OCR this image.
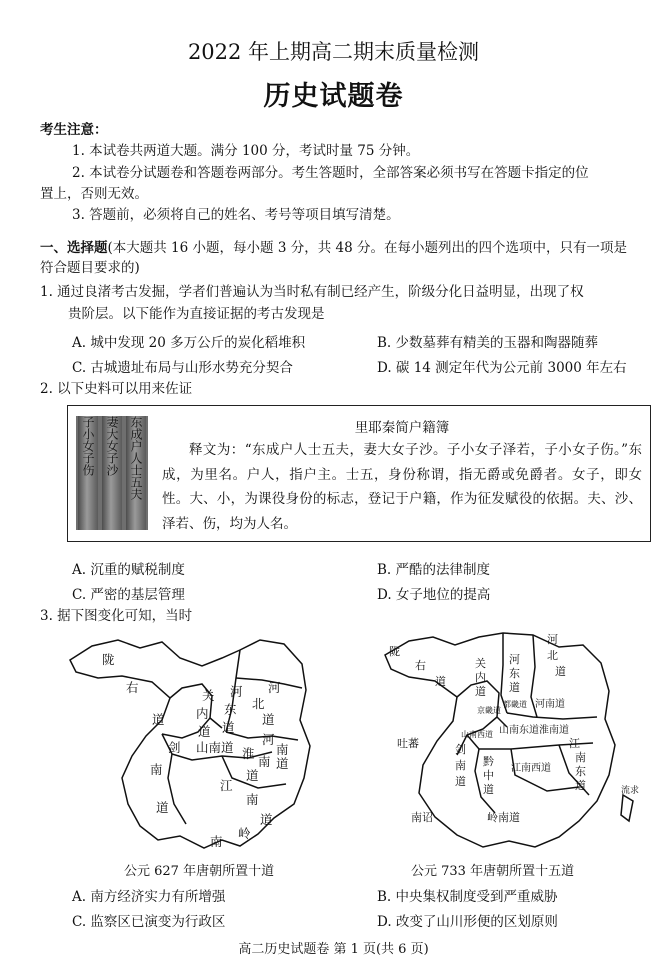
2022 年上期高二期末质量检测
历史试题卷
考生注意：
1. 本试卷共两道大题。满分 100 分，考试时量 75 分钟。
2. 本试卷分试题卷和答题卷两部分。考生答题时，全部答案必须书写在答题卡指定的位
置上，否则无效。
3. 答题前，必须将自己的姓名、考号等项目填写清楚。
一、选择题(本大题共 16 小题，每小题 3 分，共 48 分。在每小题列出的四个选项中，只有一项是
符合题目要求的)
1. 通过良渚考古发掘，学者们普遍认为当时私有制已经产生，阶级分化日益明显，出现了权
贵阶层。以下能作为直接证据的考古发现是
A. 城中发现 20 多万公斤的炭化稻堆积	B. 少数墓葬有精美的玉器和陶器随葬
C. 古城遗址布局与山形水势充分契合	D. 碳 14 测定年代为公元前 3000 年左右
2. 以下史料可以用来佐证
子小女子伤 妻大女子沙 东成户人士五夫	里耶秦简户籍簿
释文为：“东成户人士五夫，妻大女子沙。子小女子泽若，子小女子伤。”东成，为里名。户人，指户主。士五，身份称谓，指无爵或免爵者。女子，即女性。大、小，为课役身份的标志，登记于户籍，作为征发赋役的依据。夫、沙、泽若、伤，均为人名。
A. 沉重的赋税制度	B. 严酷的法律制度
C. 严密的基层管理	D. 女子地位的提高
3. 据下图变化可知，当时
陇
右
道
关
内
道
河
东
道
河
北
道
河
南
道
山南道 淮
南
道
剑
南
道
江
南
道
岭
南
公元 627 年唐朝所置十道
陇
右
道
关
内
道
河
东
道
河
北
道
河南道
都畿道
京畿道
山南西道 山南东道 淮南道
江南西道
江
南
东
道
黔
中
道
剑
南
道
吐蕃
南诏	岭南道
流求
公元 733 年唐朝所置十五道
A. 南方经济实力有所增强	B. 中央集权制度受到严重威胁
C. 监察区已演变为行政区	D. 改变了山川形便的区划原则
高二历史试题卷 第 1 页(共 6 页)
